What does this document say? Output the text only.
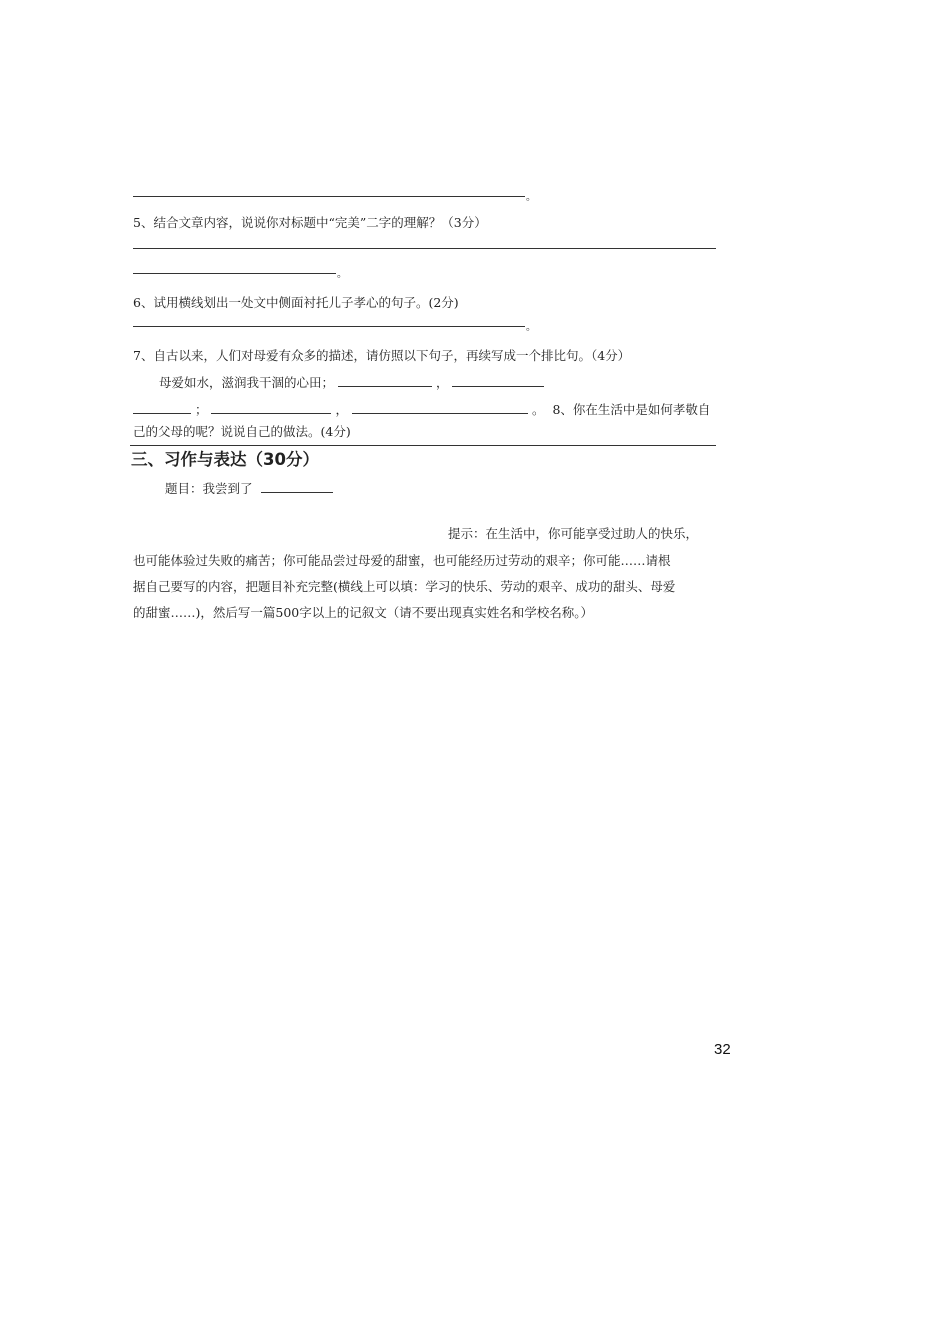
。
5、结合文章内容，说说你对标题中“完美”二字的理解？（3分）
。
6、试用横线划出一处文中侧面衬托儿子孝心的句子。(2分)
。
7、自古以来，人们对母爱有众多的描述，请仿照以下句子，再续写成一个排比句。（4分）
母爱如水，滋润我干涸的心田；	，
；	，	。 8、你在生活中是如何孝敬自
己的父母的呢？说说自己的做法。(4分)
三、习作与表达（30分）
题目：我尝到了
提示：在生活中，你可能享受过助人的快乐，
也可能体验过失败的痛苦；你可能品尝过母爱的甜蜜，也可能经历过劳动的艰辛；你可能……请根
据自己要写的内容，把题目补充完整(横线上可以填：学习的快乐、劳动的艰辛、成功的甜头、母爱
的甜蜜……)，然后写一篇500字以上的记叙文（请不要出现真实姓名和学校名称。）
32
